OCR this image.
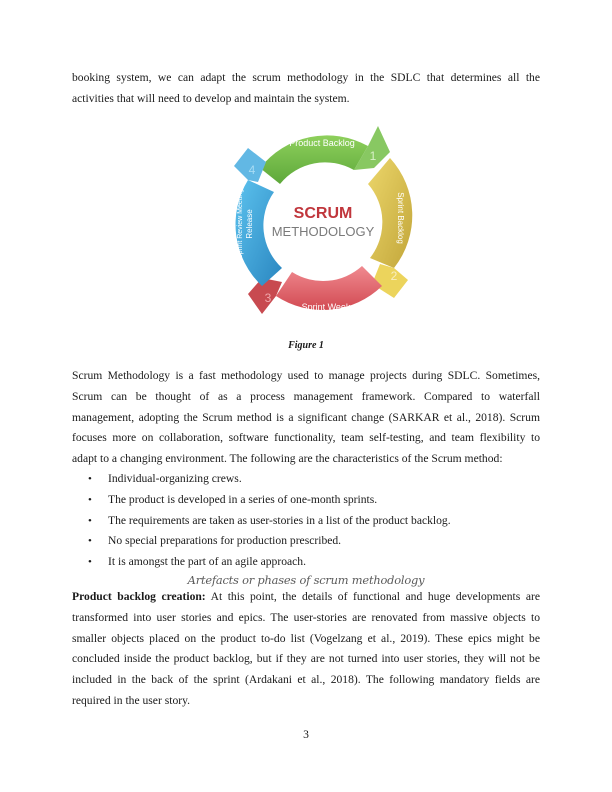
booking system, we can adapt the scrum methodology in the SDLC that determines all the
activities that will need to develop and maintain the system.

Product Backlog
1
Sprint Backlog
2
Sprint Week
3
4
Sprint Review Meeting Release SCRUM
METHODOLOGY
Figure 1

Scrum Methodology is a fast methodology used to manage projects during SDLC. Sometimes,
Scrum can be thought of as a process management framework. Compared to waterfall
management, adopting the Scrum method is a significant change (SARKAR et al., 2018). Scrum
focuses more on collaboration, software functionality, team self-testing, and team flexibility to
adapt to a changing environment. The following are the characteristics of the Scrum method:

• Individual-organizing crews.
• The product is developed in a series of one-month sprints.
• The requirements are taken as user-stories in a list of the product backlog.
• No special preparations for production prescribed.
• It is amongst the part of an agile approach.
Artefacts or phases of scrum methodology

Product backlog creation: At this point, the details of functional and huge developments are
transformed into user stories and epics. The user-stories are renovated from massive objects to
smaller objects placed on the product to-do list (Vogelzang et al., 2019). These epics might be
concluded inside the product backlog, but if they are not turned into user stories, they will not be
included in the back of the sprint (Ardakani et al., 2018). The following mandatory fields are
required in the user story.

3
